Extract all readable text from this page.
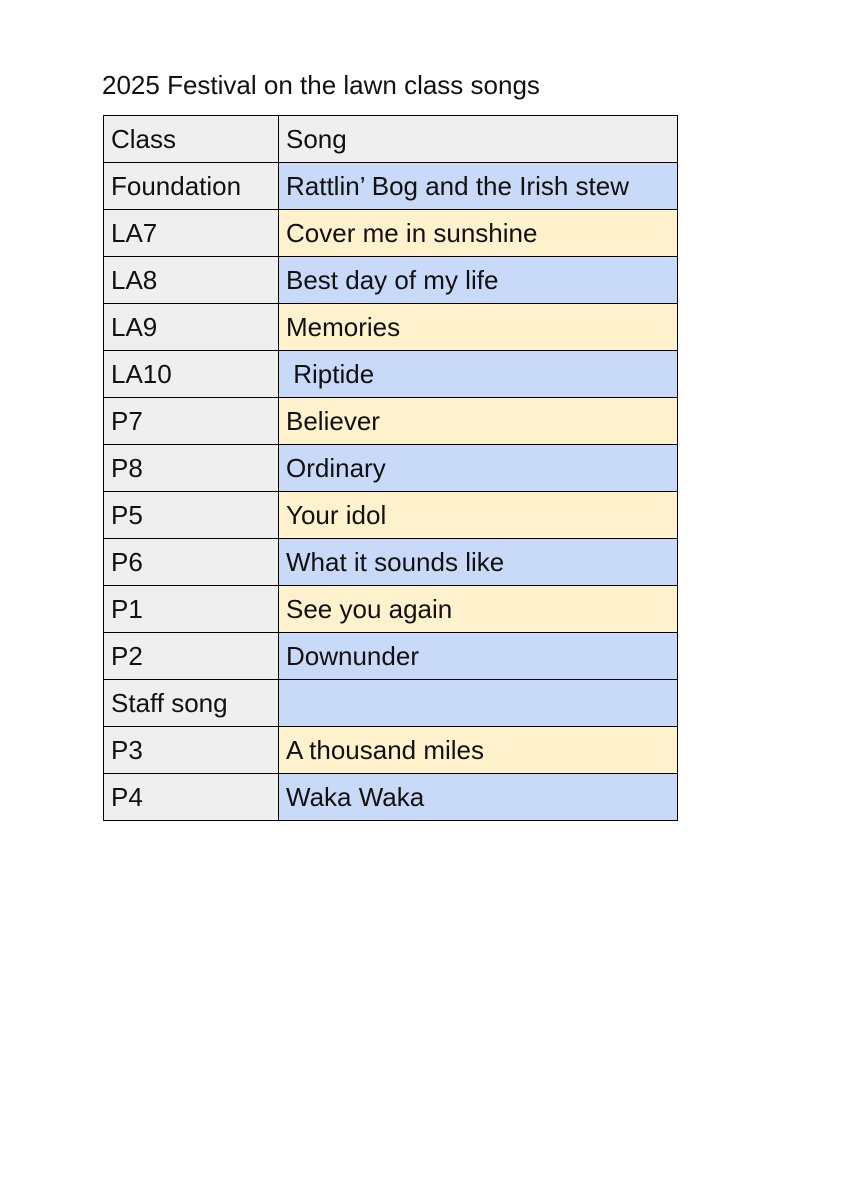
2025 Festival on the lawn class songs
Class	Song
Foundation	Rattlin’ Bog and the Irish stew
LA7	Cover me in sunshine
LA8	Best day of my life
LA9	Memories
LA10	Riptide
P7	Believer
P8	Ordinary
P5	Your idol
P6	What it sounds like
P1	See you again
P2	Downunder
Staff song	
P3	A thousand miles
P4	Waka Waka
